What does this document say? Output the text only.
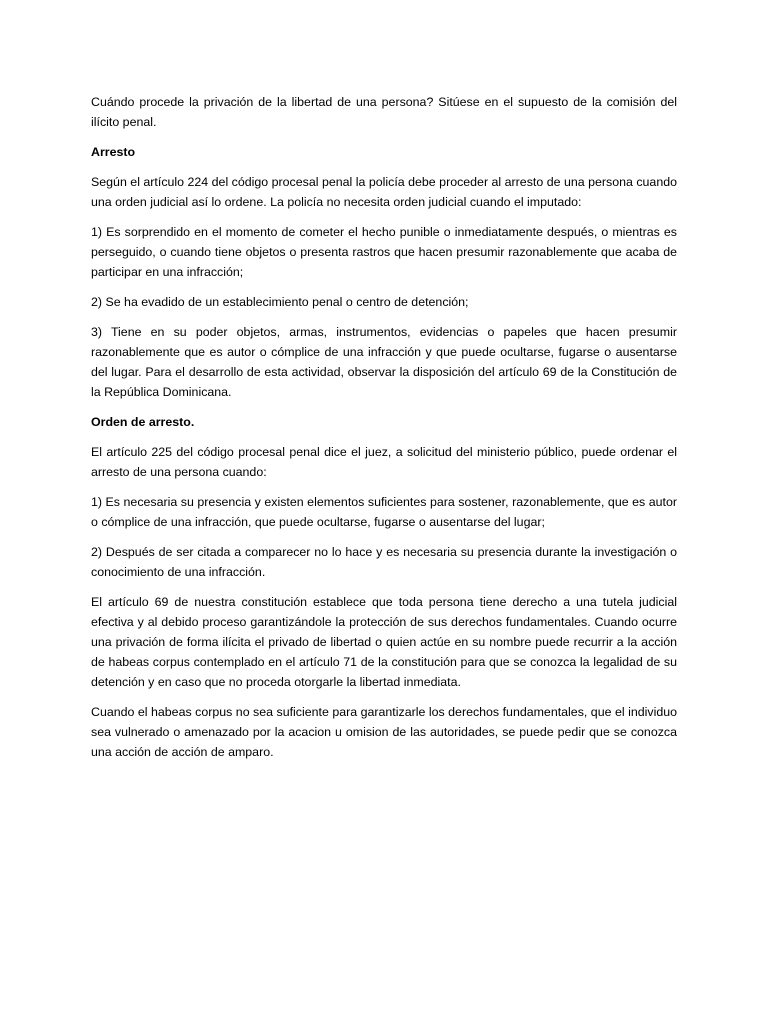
Cuándo procede la privación de la libertad de una persona? Sitúese en el supuesto de la comisión del ilícito penal.

Arresto

Según el artículo 224 del código procesal penal la policía debe proceder al arresto de una persona cuando una orden judicial así lo ordene. La policía no necesita orden judicial cuando el imputado:

1) Es sorprendido en el momento de cometer el hecho punible o inmediatamente después, o mientras es perseguido, o cuando tiene objetos o presenta rastros que hacen presumir razonablemente que acaba de participar en una infracción;

2) Se ha evadido de un establecimiento penal o centro de detención;

3) Tiene en su poder objetos, armas, instrumentos, evidencias o papeles que hacen presumir razonablemente que es autor o cómplice de una infracción y que puede ocultarse, fugarse o ausentarse del lugar. Para el desarrollo de esta actividad, observar la disposición del artículo 69 de la Constitución de la República Dominicana.

Orden de arresto.

El artículo 225 del código procesal penal dice el juez, a solicitud del ministerio público, puede ordenar el arresto de una persona cuando:

1) Es necesaria su presencia y existen elementos suficientes para sostener, razonablemente, que es autor o cómplice de una infracción, que puede ocultarse, fugarse o ausentarse del lugar;

2) Después de ser citada a comparecer no lo hace y es necesaria su presencia durante la investigación o conocimiento de una infracción.

El artículo 69 de nuestra constitución establece que toda persona tiene derecho a una tutela judicial efectiva y al debido proceso garantizándole la protección de sus derechos fundamentales. Cuando ocurre una privación de forma ilícita el privado de libertad o quien actúe en su nombre puede recurrir a la acción de habeas corpus contemplado en el artículo 71 de la constitución para que se conozca la legalidad de su detención y en caso que no proceda otorgarle la libertad inmediata.

Cuando el habeas corpus no sea suficiente para garantizarle los derechos fundamentales, que el individuo sea vulnerado o amenazado por la acacion u omision de las autoridades, se puede pedir que se conozca una acción de acción de amparo.
